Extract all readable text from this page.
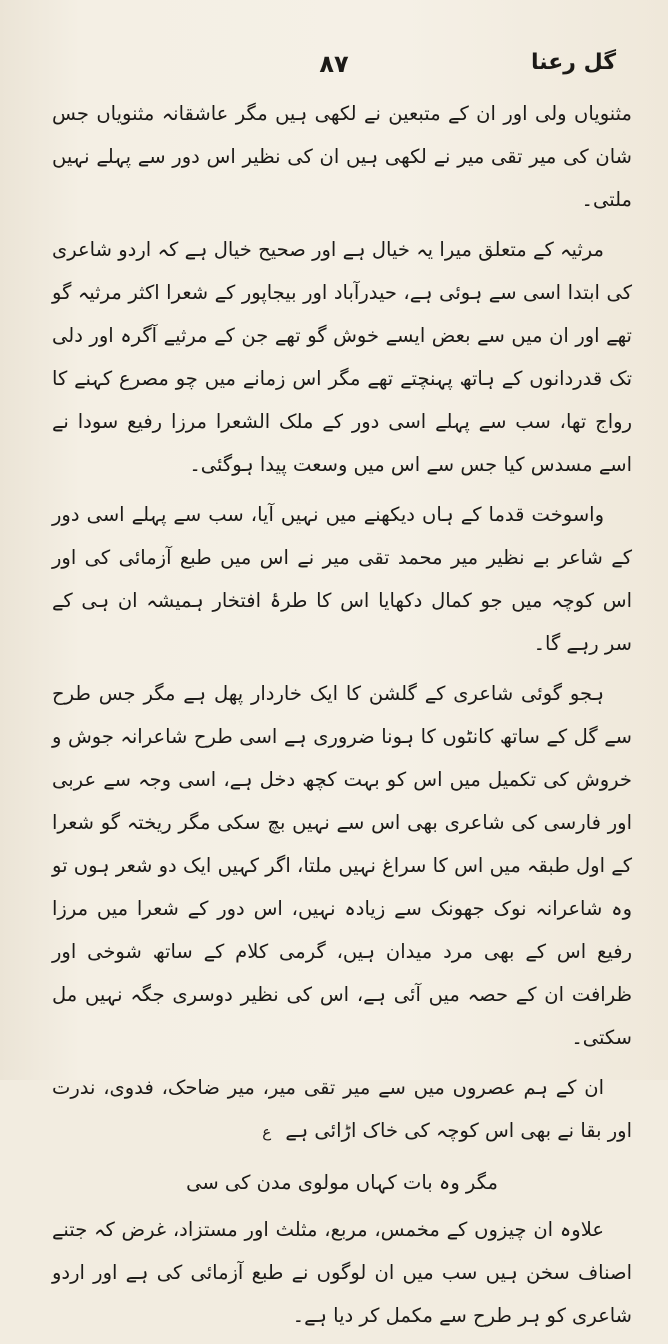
گل رعنا
۸۷

مثنویاں ولی اور ان کے متبعین نے لکھی ہیں مگر عاشقانہ مثنویاں جس شان کی میر تقی میر نے لکھی ہیں ان کی نظیر اس دور سے پہلے نہیں ملتی۔

مرثیہ کے متعلق میرا یہ خیال ہے اور صحیح خیال ہے کہ اردو شاعری کی ابتدا اسی سے ہوئی ہے، حیدرآباد اور بیجاپور کے شعرا اکثر مرثیہ گو تھے اور ان میں سے بعض ایسے خوش گو تھے جن کے مرثیے آگرہ اور دلی تک قدردانوں کے ہاتھ پہنچتے تھے مگر اس زمانے میں چو مصرع کہنے کا رواج تھا، سب سے پہلے اسی دور کے ملک الشعرا مرزا رفیع سودا نے اسے مسدس کیا جس سے اس میں وسعت پیدا ہوگئی۔

واسوخت قدما کے ہاں دیکھنے میں نہیں آیا، سب سے پہلے اسی دور کے شاعر بے نظیر میر محمد تقی میر نے اس میں طبع آزمائی کی اور اس کوچہ میں جو کمال دکھایا اس کا طرۂ افتخار ہمیشہ ان ہی کے سر رہے گا۔

ہجو گوئی شاعری کے گلشن کا ایک خاردار پھل ہے مگر جس طرح سے گل کے ساتھ کانٹوں کا ہونا ضروری ہے اسی طرح شاعرانہ جوش و خروش کی تکمیل میں اس کو بہت کچھ دخل ہے، اسی وجہ سے عربی اور فارسی کی شاعری بھی اس سے نہیں بچ سکی مگر ریختہ گو شعرا کے اول طبقہ میں اس کا سراغ نہیں ملتا، اگر کہیں ایک دو شعر ہوں تو وہ شاعرانہ نوک جھونک سے زیادہ نہیں، اس دور کے شعرا میں مرزا رفیع اس کے بھی مرد میدان ہیں، گرمی کلام کے ساتھ شوخی اور ظرافت ان کے حصہ میں آئی ہے، اس کی نظیر دوسری جگہ نہیں مل سکتی۔

ان کے ہم عصروں میں سے میر تقی میر، میر ضاحک، فدوی، ندرت اور بقا نے بھی اس کوچہ کی خاک اڑائی ہے ع

مگر وہ بات کہاں مولوی مدن کی سی

علاوہ ان چیزوں کے مخمس، مربع، مثلث اور مستزاد، غرض کہ جتنے اصناف سخن ہیں سب میں ان لوگوں نے طبع آزمائی کی ہے اور اردو شاعری کو ہر طرح سے مکمل کر دیا ہے۔
